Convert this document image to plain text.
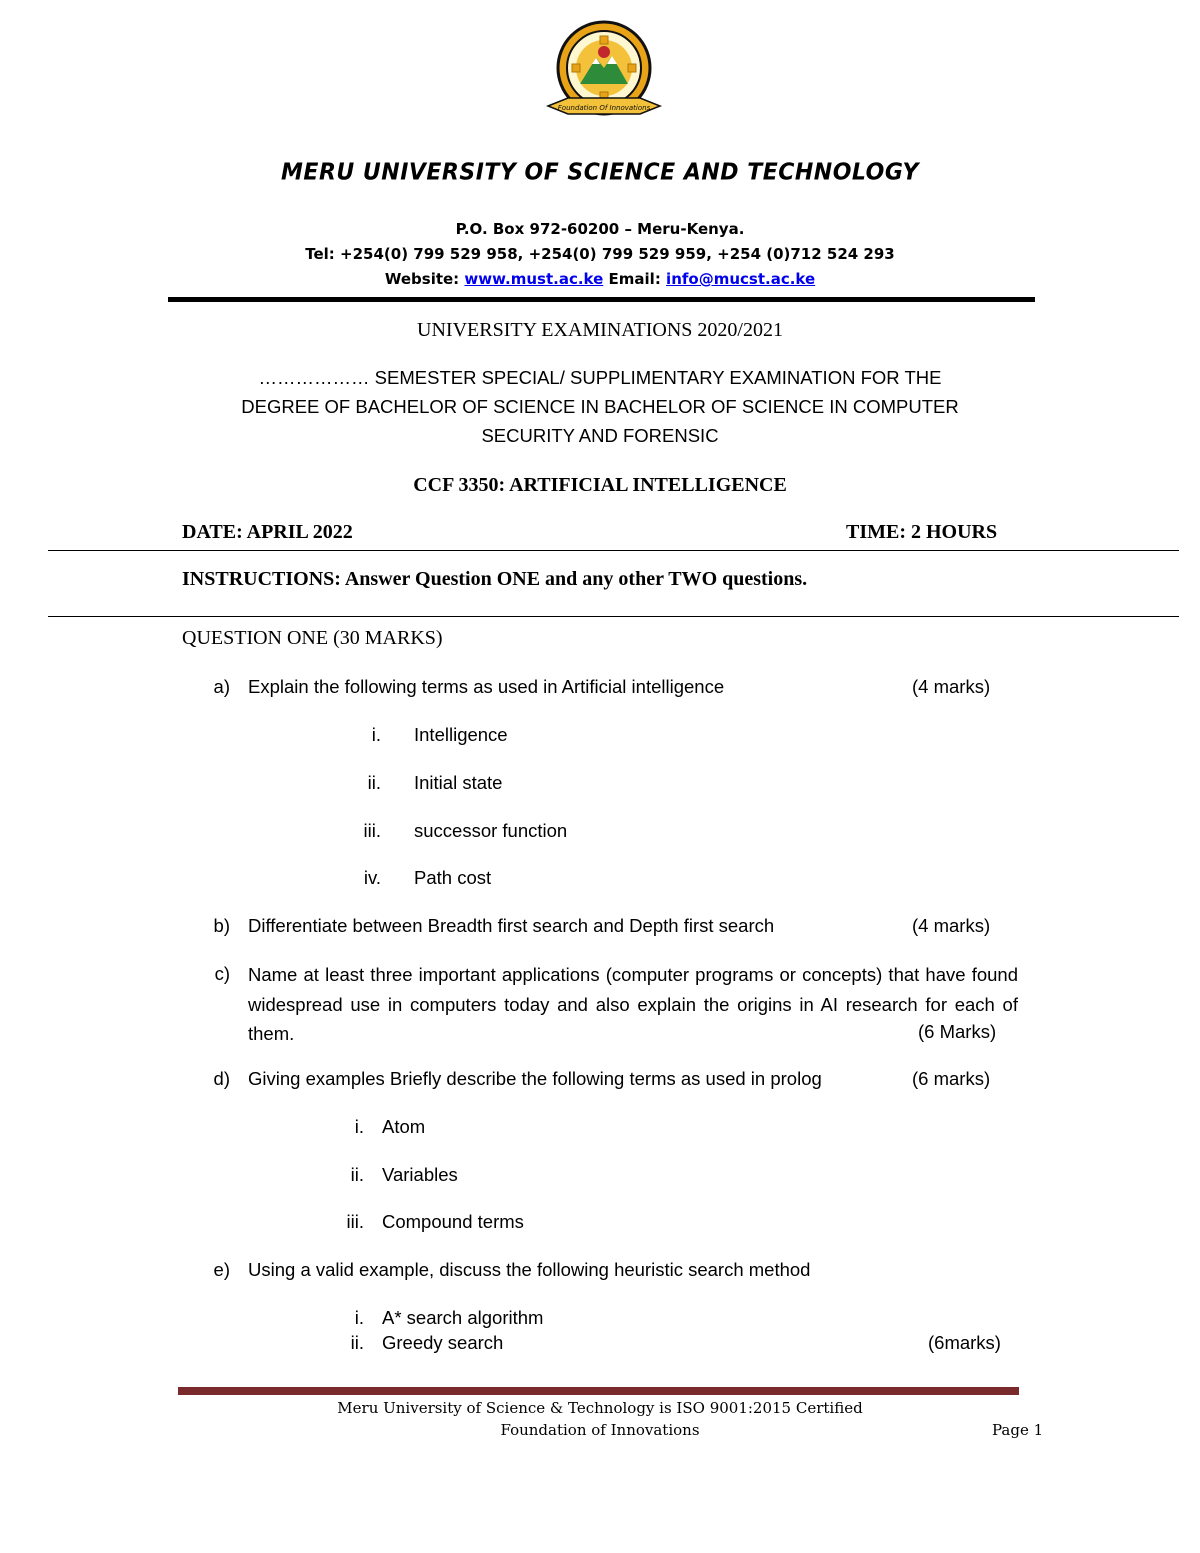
Foundation Of Innovations
MERU UNIVERSITY OF SCIENCE AND TECHNOLOGY
P.O. Box 972-60200 – Meru-Kenya.
Tel: +254(0) 799 529 958, +254(0) 799 529 959, +254 (0)712 524 293
Website: www.must.ac.ke Email: info@mucst.ac.ke
UNIVERSITY EXAMINATIONS 2020/2021
……………… SEMESTER SPECIAL/ SUPPLIMENTARY EXAMINATION FOR THE
DEGREE OF BACHELOR OF SCIENCE IN BACHELOR OF SCIENCE IN COMPUTER
SECURITY AND FORENSIC
CCF 3350: ARTIFICIAL INTELLIGENCE
DATE: APRIL 2022	TIME: 2 HOURS
INSTRUCTIONS: Answer Question ONE and any other TWO questions.
QUESTION ONE (30 MARKS)
a) Explain the following terms as used in Artificial intelligence	(4 marks)
i. Intelligence
ii. Initial state
iii. successor function
iv. Path cost
b) Differentiate between Breadth first search and Depth first search	(4 marks)
c) Name at least three important applications (computer programs or concepts) that have found widespread use in computers today and also explain the origins in AI research for each of them.	(6 Marks)
d) Giving examples Briefly describe the following terms as used in prolog	(6 marks)
i. Atom
ii. Variables
iii. Compound terms
e) Using a valid example, discuss the following heuristic search method
i. A* search algorithm
ii. Greedy search	(6marks)
Meru University of Science & Technology is ISO 9001:2015 Certified
Foundation of Innovations	Page 1
